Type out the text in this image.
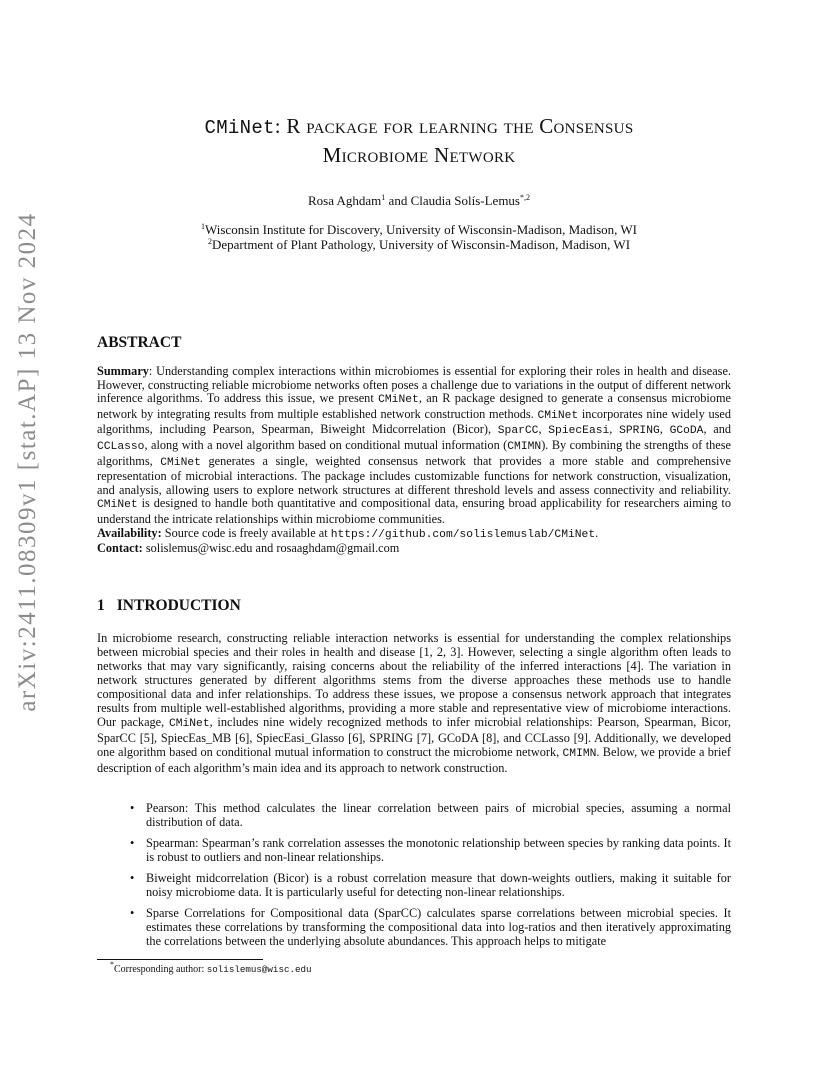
arXiv:2411.08309v1 [stat.AP] 13 Nov 2024
CMiNet: R package for learning the Consensus
Microbiome Network
Rosa Aghdam$^1$ and Claudia Solís-Lemus$^{*,2}$
$^1$Wisconsin Institute for Discovery, University of Wisconsin-Madison, Madison, WI
$^2$Department of Plant Pathology, University of Wisconsin-Madison, Madison, WI
ABSTRACT

Summary: Understanding complex interactions within microbiomes is essential for exploring their roles in health and disease. However, constructing reliable microbiome networks often poses a challenge due to variations in the output of different network inference algorithms. To address this issue, we present CMiNet, an R package designed to generate a consensus microbiome network by integrating results from multiple established network construction methods. CMiNet incorporates nine widely used algorithms, including Pearson, Spearman, Biweight Midcorrelation (Bicor), SparCC, SpiecEasi, SPRING, GCoDA, and CCLasso, along with a novel algorithm based on conditional mutual information (CMIMN). By combining the strengths of these algorithms, CMiNet generates a single, weighted consensus network that provides a more stable and comprehensive representation of microbial interactions. The package includes customizable functions for network construction, visualization, and analysis, allowing users to explore network structures at different threshold levels and assess connectivity and reliability. CMiNet is designed to handle both quantitative and compositional data, ensuring broad applicability for researchers aiming to understand the intricate relationships within microbiome communities.

Availability: Source code is freely available at https://github.com/solislemuslab/CMiNet.

Contact: solislemus@wisc.edu and rosaaghdam@gmail.com

1 INTRODUCTION

In microbiome research, constructing reliable interaction networks is essential for understanding the complex relationships between microbial species and their roles in health and disease [1, 2, 3]. However, selecting a single algorithm often leads to networks that may vary significantly, raising concerns about the reliability of the inferred interactions [4]. The variation in network structures generated by different algorithms stems from the diverse approaches these methods use to handle compositional data and infer relationships. To address these issues, we propose a consensus network approach that integrates results from multiple well-established algorithms, providing a more stable and representative view of microbiome interactions. Our package, CMiNet, includes nine widely recognized methods to infer microbial relationships: Pearson, Spearman, Bicor, SparCC [5], SpiecEas_MB [6], SpiecEasi_Glasso [6], SPRING [7], GCoDA [8], and CCLasso [9]. Additionally, we developed one algorithm based on conditional mutual information to construct the microbiome network, CMIMN. Below, we provide a brief description of each algorithm’s main idea and its approach to network construction.

• Pearson: This method calculates the linear correlation between pairs of microbial species, assuming a normal distribution of data.
• Spearman: Spearman’s rank correlation assesses the monotonic relationship between species by ranking data points. It is robust to outliers and non-linear relationships.
• Biweight midcorrelation (Bicor) is a robust correlation measure that down-weights outliers, making it suitable for noisy microbiome data. It is particularly useful for detecting non-linear relationships.
• Sparse Correlations for Compositional data (SparCC) calculates sparse correlations between microbial species. It estimates these correlations by transforming the compositional data into log-ratios and then iteratively approximating the correlations between the underlying absolute abundances. This approach helps to mitigate
*Corresponding author: solislemus@wisc.edu
